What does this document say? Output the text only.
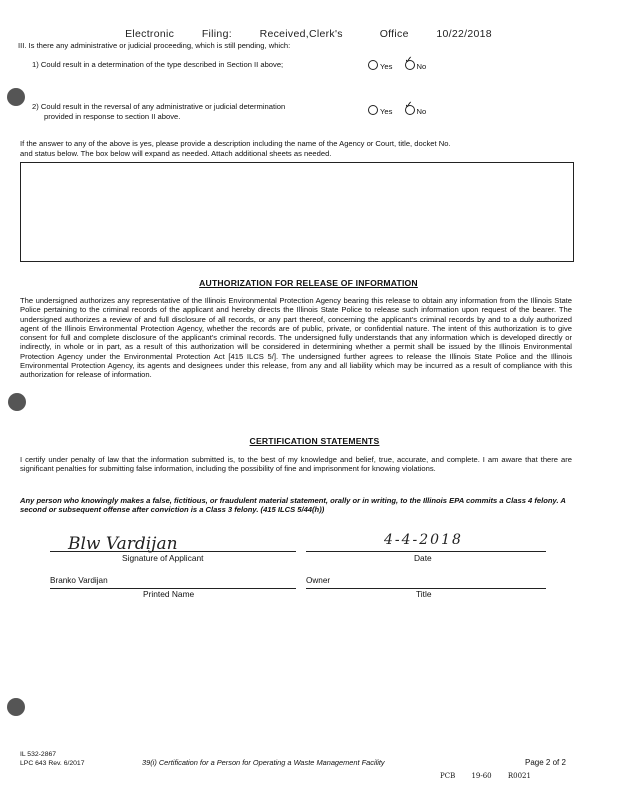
Electronic   Filing:   Received,Clerk's    Office   10/22/2018
III. Is there any administrative or judicial proceeding, which is still pending, which:
1) Could result in a determination of the type described in Section II above;	Yes
✓
No
2) Could result in the reversal of any administrative or judicial determination
provided in response to section II above.
Yes
✓
No
If the answer to any of the above is yes, please provide a description including the name of the Agency or Court, title, docket No.
and status below. The box below will expand as needed. Attach additional sheets as needed.
AUTHORIZATION FOR RELEASE OF INFORMATION
The undersigned authorizes any representative of the Illinois Environmental Protection Agency bearing this release to obtain any information from the Illinois State Police pertaining to the criminal records of the applicant and hereby directs the Illinois State Police to release such information upon request of the bearer. The undersigned authorizes a review of and full disclosure of all records, or any part thereof, concerning the applicant's criminal records by and to a duly authorized agent of the Illinois Environmental Protection Agency, whether the records are of public, private, or confidential nature. The intent of this authorization is to give consent for full and complete disclosure of the applicant's criminal records. The undersigned fully understands that any information which is developed directly or indirectly, in whole or in part, as a result of this authorization will be considered in determining whether a permit shall be issued by the Illinois Environmental Protection Agency under the Environmental Protection Act [415 ILCS 5/]. The undersigned further agrees to release the Illinois State Police and the Illinois Environmental Protection Agency, its agents and designees under this release, from any and all liability which may be incurred as a result of compliance with this authorization for release of information.
CERTIFICATION STATEMENTS
I certify under penalty of law that the information submitted is, to the best of my knowledge and belief, true, accurate, and complete. I am aware that there are significant penalties for submitting false information, including the possibility of fine and imprisonment for knowing violations.
Any person who knowingly makes a false, fictitious, or fraudulent material statement, orally or in writing, to the Illinois EPA commits a Class 4 felony. A second or subsequent offense after conviction is a Class 3 felony. (415 ILCS 5/44(h))
Blw Vardijan	4-4-2018
Signature of Applicant	Date
Branko Vardijan	Owner
Printed Name	Title
IL 532-2867
LPC 643 Rev. 6/2017	39(i) Certification for a Person for Operating a Waste Management Facility	Page 2 of 2
PCB 19-60 R0021
